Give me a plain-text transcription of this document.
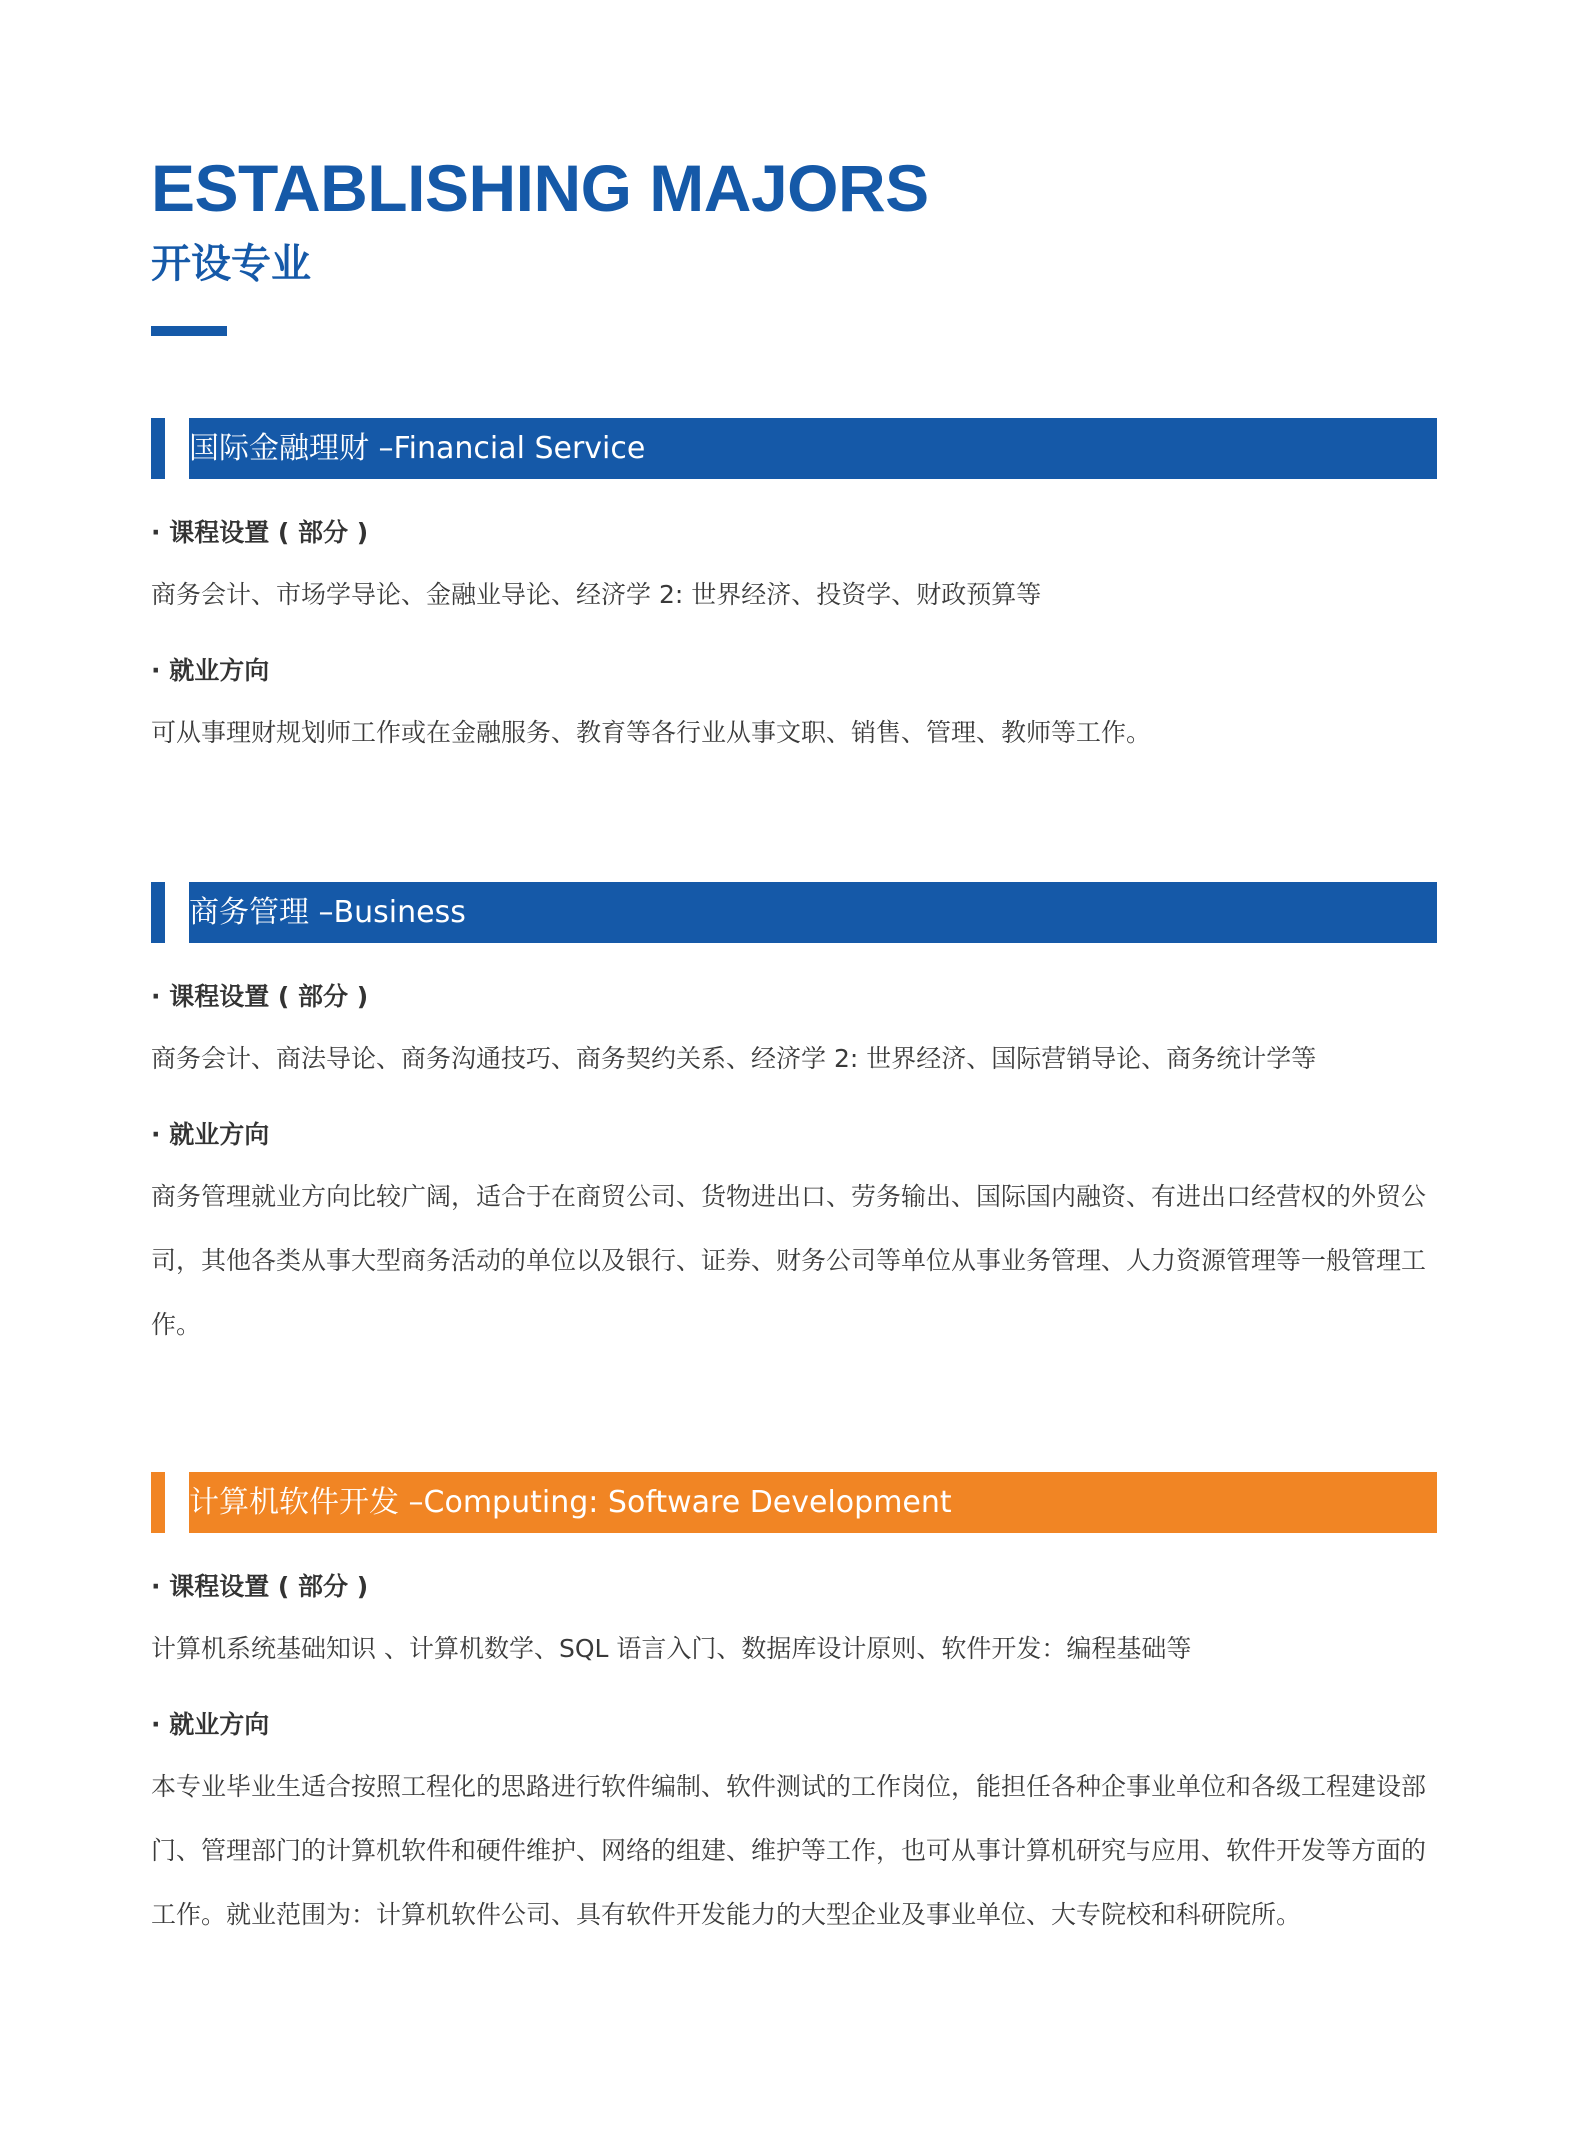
ESTABLISHING MAJORS
开设专业
国际金融理财 –Financial Service

· 课程设置 ( 部分 )

商务会计、市场学导论、金融业导论、经济学 2: 世界经济、投资学、财政预算等

· 就业方向

可从事理财规划师工作或在金融服务、教育等各行业从事文职、销售、管理、教师等工作。

商务管理 –Business

· 课程设置 ( 部分 )

商务会计、商法导论、商务沟通技巧、商务契约关系、经济学 2: 世界经济、国际营销导论、商务统计学等

· 就业方向

商务管理就业方向比较广阔，适合于在商贸公司、货物进出口、劳务输出、国际国内融资、有进出口经营权的外贸公司，其他各类从事大型商务活动的单位以及银行、证券、财务公司等单位从事业务管理、人力资源管理等一般管理工作。

计算机软件开发 –Computing: Software Development

· 课程设置 ( 部分 )

计算机系统基础知识 、计算机数学、SQL 语言入门、数据库设计原则、软件开发：编程基础等

· 就业方向

本专业毕业生适合按照工程化的思路进行软件编制、软件测试的工作岗位，能担任各种企事业单位和各级工程建设部门、管理部门的计算机软件和硬件维护、网络的组建、维护等工作，也可从事计算机研究与应用、软件开发等方面的工作。就业范围为：计算机软件公司、具有软件开发能力的大型企业及事业单位、大专院校和科研院所。
